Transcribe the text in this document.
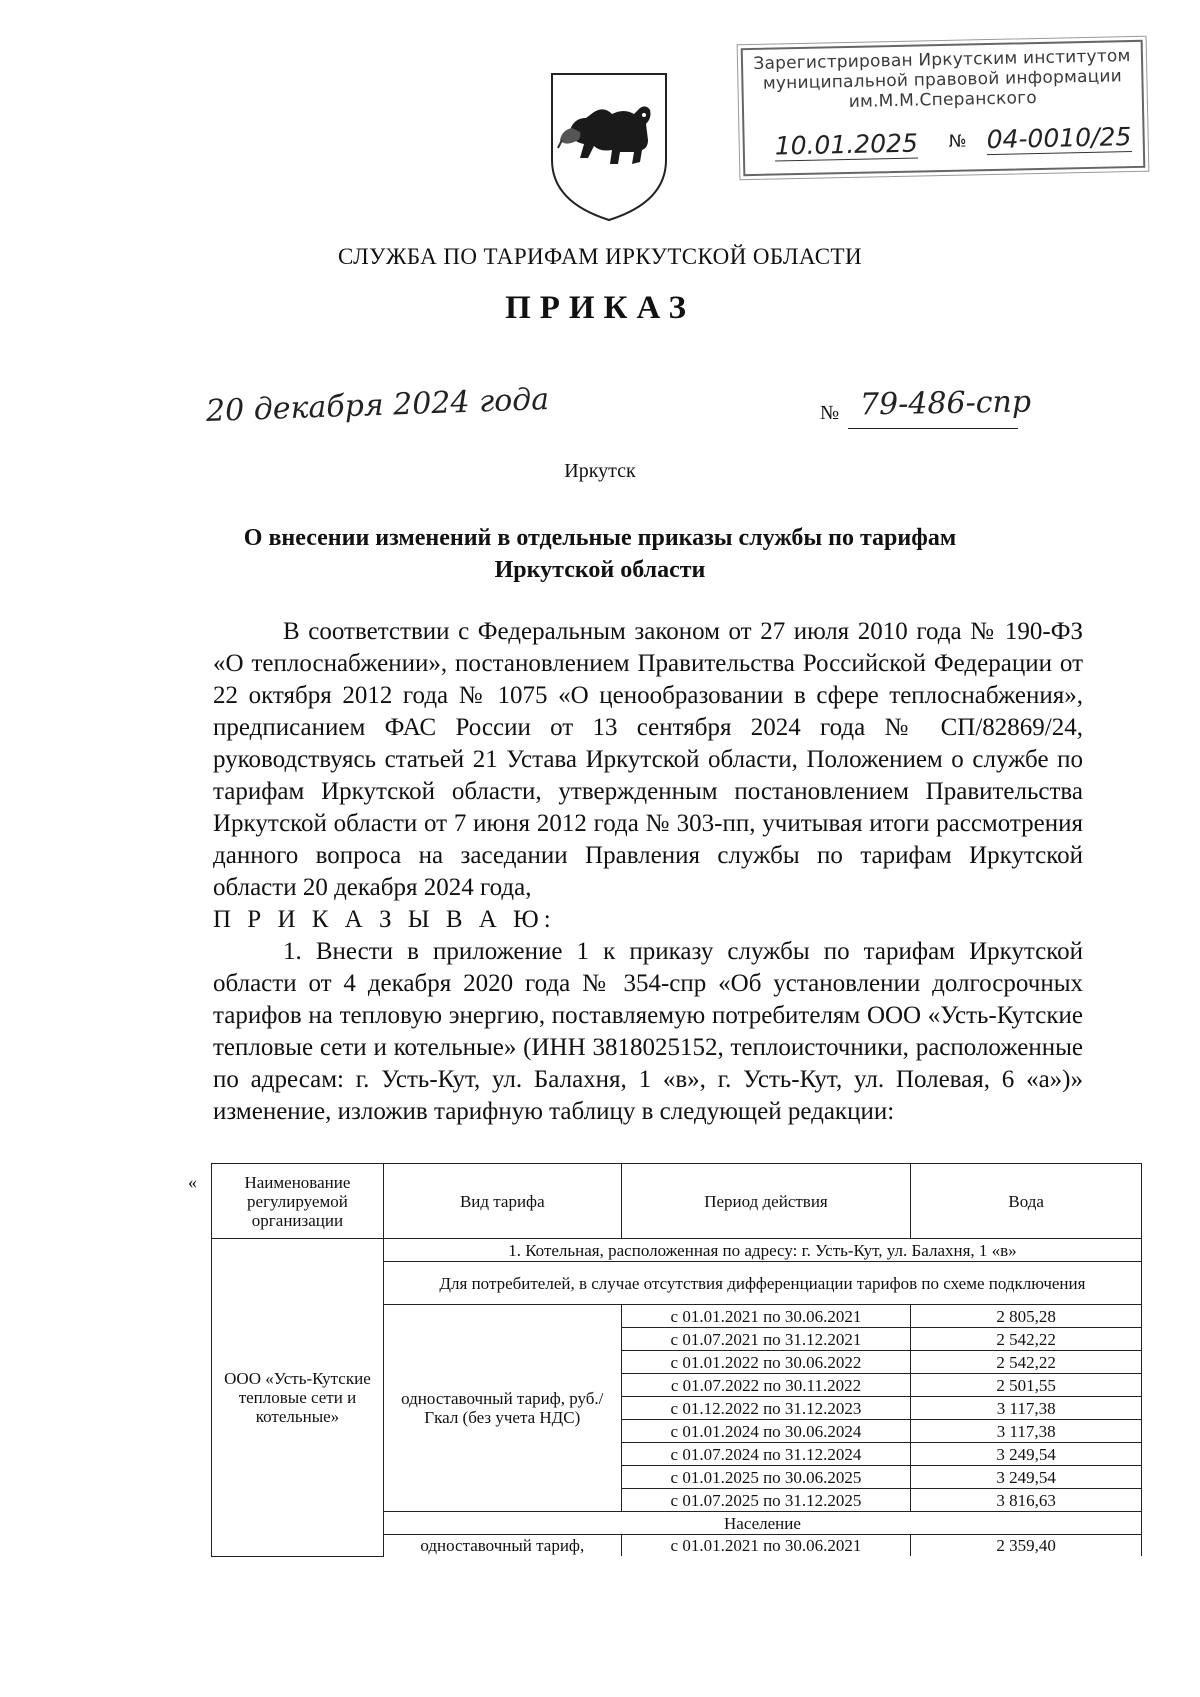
Зарегистрирован Иркутским институтом
муниципальной правовой информации
им.М.М.Сперанского
10.01.2025 № 04-0010/25
СЛУЖБА ПО ТАРИФАМ ИРКУТСКОЙ ОБЛАСТИ
ПРИКАЗ
20 декабря 2024 года	№ 79-486-спр
Иркутск
О внесении изменений в отдельные приказы службы по тарифам
Иркутской области

В соответствии с Федеральным законом от 27 июля 2010 года № 190-ФЗ «О теплоснабжении», постановлением Правительства Российской Федерации от 22 октября 2012 года № 1075 «О ценообразовании в сфере теплоснабжения», предписанием ФАС России от 13 сентября 2024 года № СП/82869/24, руководствуясь статьей 21 Устава Иркутской области, Положением о службе по тарифам Иркутской области, утвержденным постановлением Правительства Иркутской области от 7 июня 2012 года № 303-пп, учитывая итоги рассмотрения данного вопроса на заседании Правления службы по тарифам Иркутской области 20 декабря 2024 года,

П Р И К А З Ы В А Ю:

1. Внести в приложение 1 к приказу службы по тарифам Иркутской области от 4 декабря 2020 года № 354-спр «Об установлении долгосрочных тарифов на тепловую энергию, поставляемую потребителям ООО «Усть-Кутские тепловые сети и котельные» (ИНН 3818025152, теплоисточники, расположенные по адресам: г. Усть-Кут, ул. Балахня, 1 «в», г. Усть-Кут, ул. Полевая, 6 «а»)» изменение, изложив тарифную таблицу в следующей редакции:

«	Наименование регулируемой организации	Вид тарифа	Период действия	Вода
ООО «Усть-Кутские тепловые сети и котельные»	1. Котельная, расположенная по адресу: г. Усть-Кут, ул. Балахня, 1 «в»		
	Для потребителей, в случае отсутствия дифференциации тарифов по схеме подключения		
	одноставочный тариф, руб./Гкал (без учета НДС)	с 01.01.2021 по 30.06.2021	2 805,28
		с 01.07.2021 по 31.12.2021	2 542,22
		с 01.01.2022 по 30.06.2022	2 542,22
		с 01.07.2022 по 30.11.2022	2 501,55
		с 01.12.2022 по 31.12.2023	3 117,38
		с 01.01.2024 по 30.06.2024	3 117,38
		с 01.07.2024 по 31.12.2024	3 249,54
		с 01.01.2025 по 30.06.2025	3 249,54
		с 01.07.2025 по 31.12.2025	3 816,63
	Население		
	одноставочный тариф,	с 01.01.2021 по 30.06.2021	2 359,40
